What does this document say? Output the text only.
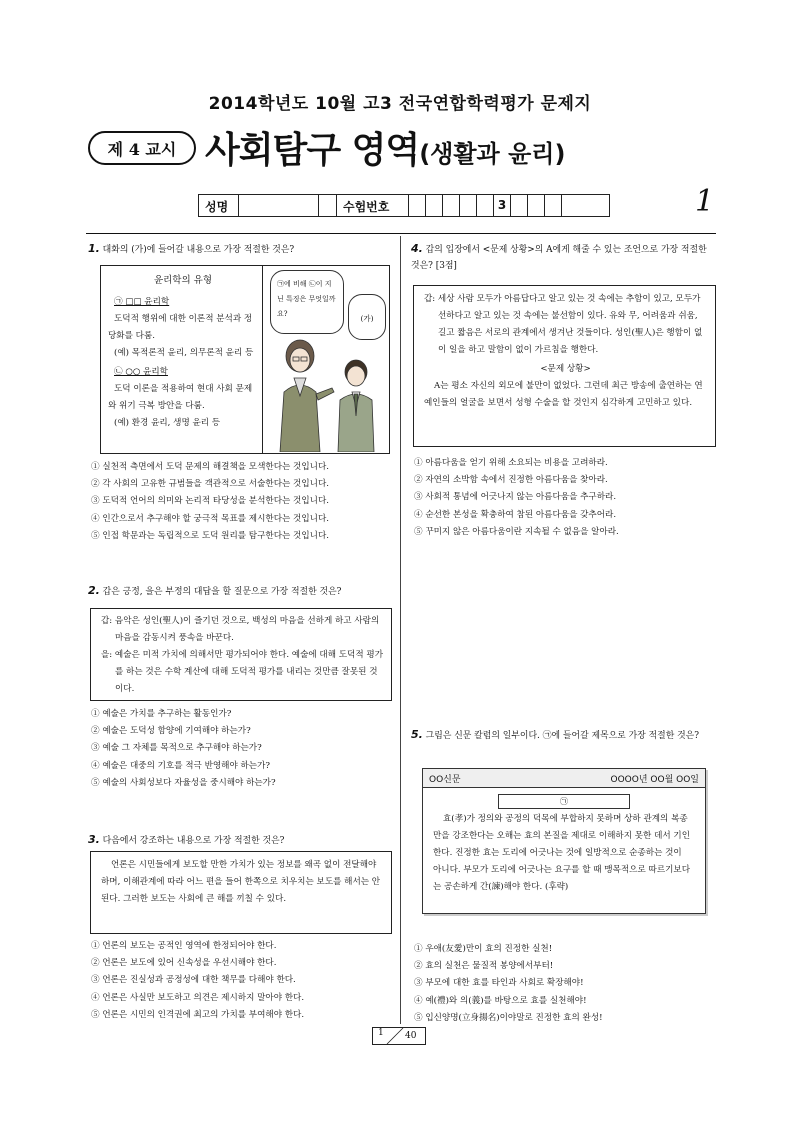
2014학년도 10월 고3 전국연합학력평가 문제지
제 4 교시 사회탐구 영역(생활과 윤리)
성명	수험번호	3	1
1. 대화의 (가)에 들어갈 내용으로 가장 적절한 것은?
윤리학의 유형
㉠ □□ 윤리학
도덕적 행위에 대한 이론적 분석과 정당화를 다룸.
(예) 목적론적 윤리, 의무론적 윤리 등
㉡ ○○ 윤리학
도덕 이론을 적용하여 현대 사회 문제와 위기 극복 방안을 다룸.
(예) 환경 윤리, 생명 윤리 등
㉠에 비해 ㉡이 지닌 특징은 무엇일까요?	(가)

① 실천적 측면에서 도덕 문제의 해결책을 모색한다는 것입니다.

② 각 사회의 고유한 규범들을 객관적으로 서술한다는 것입니다.

③ 도덕적 언어의 의미와 논리적 타당성을 분석한다는 것입니다.

④ 인간으로서 추구해야 할 궁극적 목표를 제시한다는 것입니다.

⑤ 인접 학문과는 독립적으로 도덕 원리를 탐구한다는 것입니다.

2. 갑은 긍정, 을은 부정의 대답을 할 질문으로 가장 적절한 것은?
갑: 음악은 성인(聖人)이 즐기던 것으로, 백성의 마음을 선하게 하고 사람의 마음을 감동시켜 풍속을 바꾼다.
을: 예술은 미적 가치에 의해서만 평가되어야 한다. 예술에 대해 도덕적 평가를 하는 것은 수학 계산에 대해 도덕적 평가를 내리는 것만큼 잘못된 것이다.

① 예술은 가치를 추구하는 활동인가?

② 예술은 도덕성 함양에 기여해야 하는가?

③ 예술 그 자체를 목적으로 추구해야 하는가?

④ 예술은 대중의 기호를 적극 반영해야 하는가?

⑤ 예술의 사회성보다 자율성을 중시해야 하는가?

3. 다음에서 강조하는 내용으로 가장 적절한 것은?
언론은 시민들에게 보도할 만한 가치가 있는 정보를 왜곡 없이 전달해야 하며, 이해관계에 따라 어느 편을 들어 한쪽으로 치우치는 보도를 해서는 안 된다. 그러한 보도는 사회에 큰 해를 끼칠 수 있다.

① 언론의 보도는 공적인 영역에 한정되어야 한다.

② 언론은 보도에 있어 신속성을 우선시해야 한다.

③ 언론은 진실성과 공정성에 대한 책무를 다해야 한다.

④ 언론은 사실만 보도하고 의견은 제시하지 말아야 한다.

⑤ 언론은 시민의 인격권에 최고의 가치를 부여해야 한다.

4. 갑의 입장에서 <문제 상황>의 A에게 해줄 수 있는 조언으로 가장 적절한 것은? [3점]
갑: 세상 사람 모두가 아름답다고 알고 있는 것 속에는 추함이 있고, 모두가 선하다고 알고 있는 것 속에는 불선함이 있다. 유와 무, 어려움과 쉬움, 길고 짧음은 서로의 관계에서 생겨난 것들이다. 성인(聖人)은 행함이 없이 일을 하고 말함이 없이 가르침을 행한다.
<문제 상황>
A는 평소 자신의 외모에 불만이 없었다. 그런데 최근 방송에 출연하는 연예인들의 얼굴을 보면서 성형 수술을 할 것인지 심각하게 고민하고 있다.

① 아름다움을 얻기 위해 소요되는 비용을 고려하라.

② 자연의 소박함 속에서 진정한 아름다움을 찾아라.

③ 사회적 통념에 어긋나지 않는 아름다움을 추구하라.

④ 순선한 본성을 확충하여 참된 아름다움을 갖추어라.

⑤ 꾸미지 않은 아름다움이란 지속될 수 없음을 알아라.

5. 그림은 신문 칼럼의 일부이다. ㉠에 들어갈 제목으로 가장 적절한 것은?
OO신문	OOOO년 OO월 OO일
㉠
효(孝)가 정의와 공정의 덕목에 부합하지 못하며 상하 관계의 복종만을 강조한다는 오해는 효의 본질을 제대로 이해하지 못한 데서 기인한다. 진정한 효는 도리에 어긋나는 것에 일방적으로 순종하는 것이 아니다. 부모가 도리에 어긋나는 요구를 할 때 맹목적으로 따르기보다는 공손하게 간(諫)해야 한다. (후략)

① 우애(友愛)만이 효의 진정한 실천!

② 효의 실천은 물질적 봉양에서부터!

③ 부모에 대한 효를 타인과 사회로 확장해야!

④ 예(禮)와 의(義)를 바탕으로 효를 실천해야!

⑤ 입신양명(立身揚名)이야말로 진정한 효의 완성!

1 40
